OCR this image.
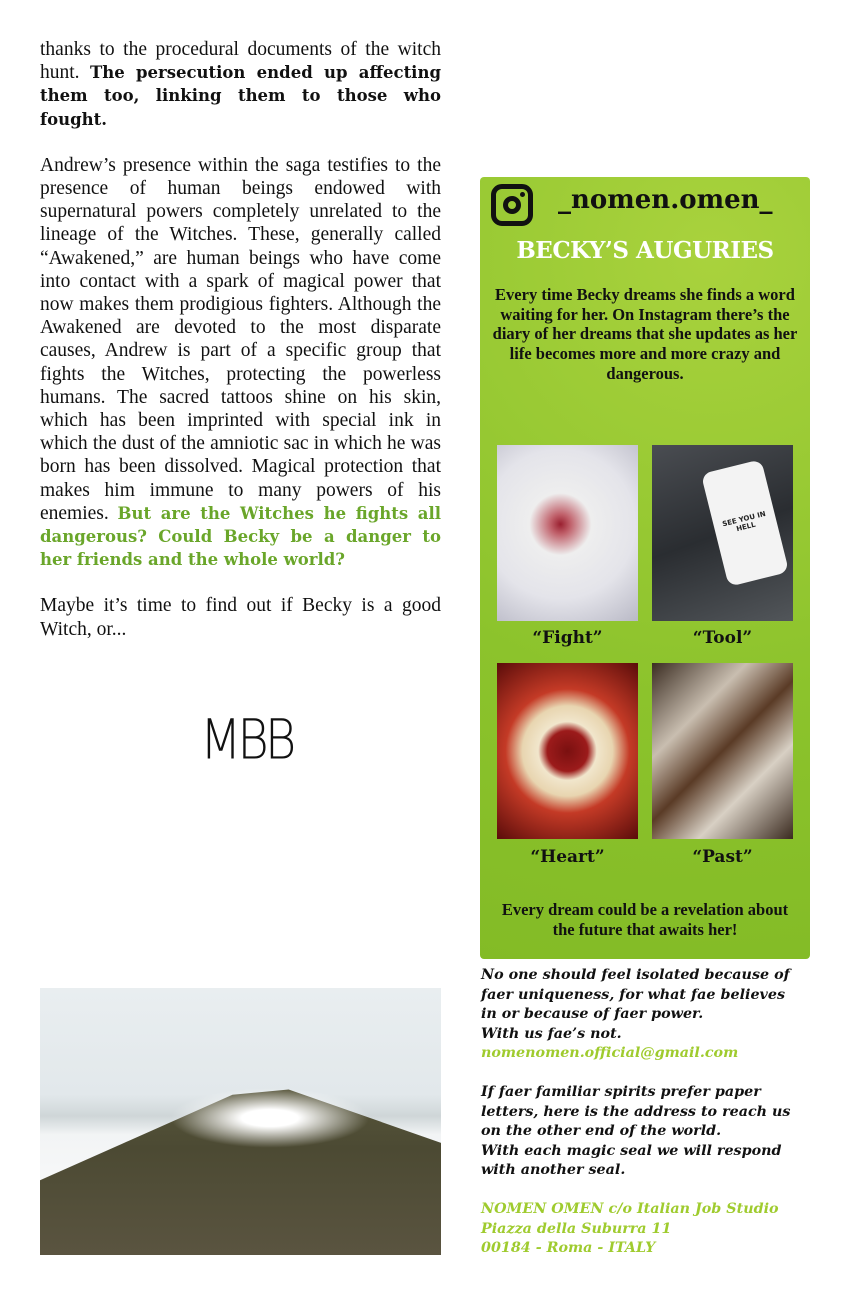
thanks to the procedural documents of the witch hunt. The persecution ended up affecting them too, linking them to those who fought.

Andrew’s presence within the saga testifies to the presence of human beings endowed with supernatural powers completely unrelated to the lineage of the Witches. These, generally called “Awakened,” are human beings who have come into contact with a spark of magical power that now makes them prodigious fighters. Although the Awakened are devoted to the most disparate causes, Andrew is part of a specific group that fights the Witches, protecting the powerless humans. The sacred tattoos shine on his skin, which has been imprinted with special ink in which the dust of the amniotic sac in which he was born has been dissolved. Magical protection that makes him immune to many powers of his enemies. But are the Witches he fights all dangerous? Could Becky be a danger to her friends and the whole world?

Maybe it’s time to find out if Becky is a good Witch, or...

MBB
_nomen.omen_
BECKY’S AUGURIES
Every time Becky dreams she finds a word waiting for her. On Instagram there’s the diary of her dreams that she updates as her life becomes more and more crazy and dangerous.
SEE YOU IN HELL
“Fight”	“Tool”
“Heart”	“Past”
Every dream could be a revelation about the future that awaits her!
No one should feel isolated because of
faer uniqueness, for what fae believes
in or because of faer power.
With us fae’s not.
nomenomen.official@gmail.com
If faer familiar spirits prefer paper
letters, here is the address to reach us
on the other end of the world.
With each magic seal we will respond
with another seal.
NOMEN OMEN c/o Italian Job Studio
Piazza della Suburra 11
00184 - Roma - ITALY
